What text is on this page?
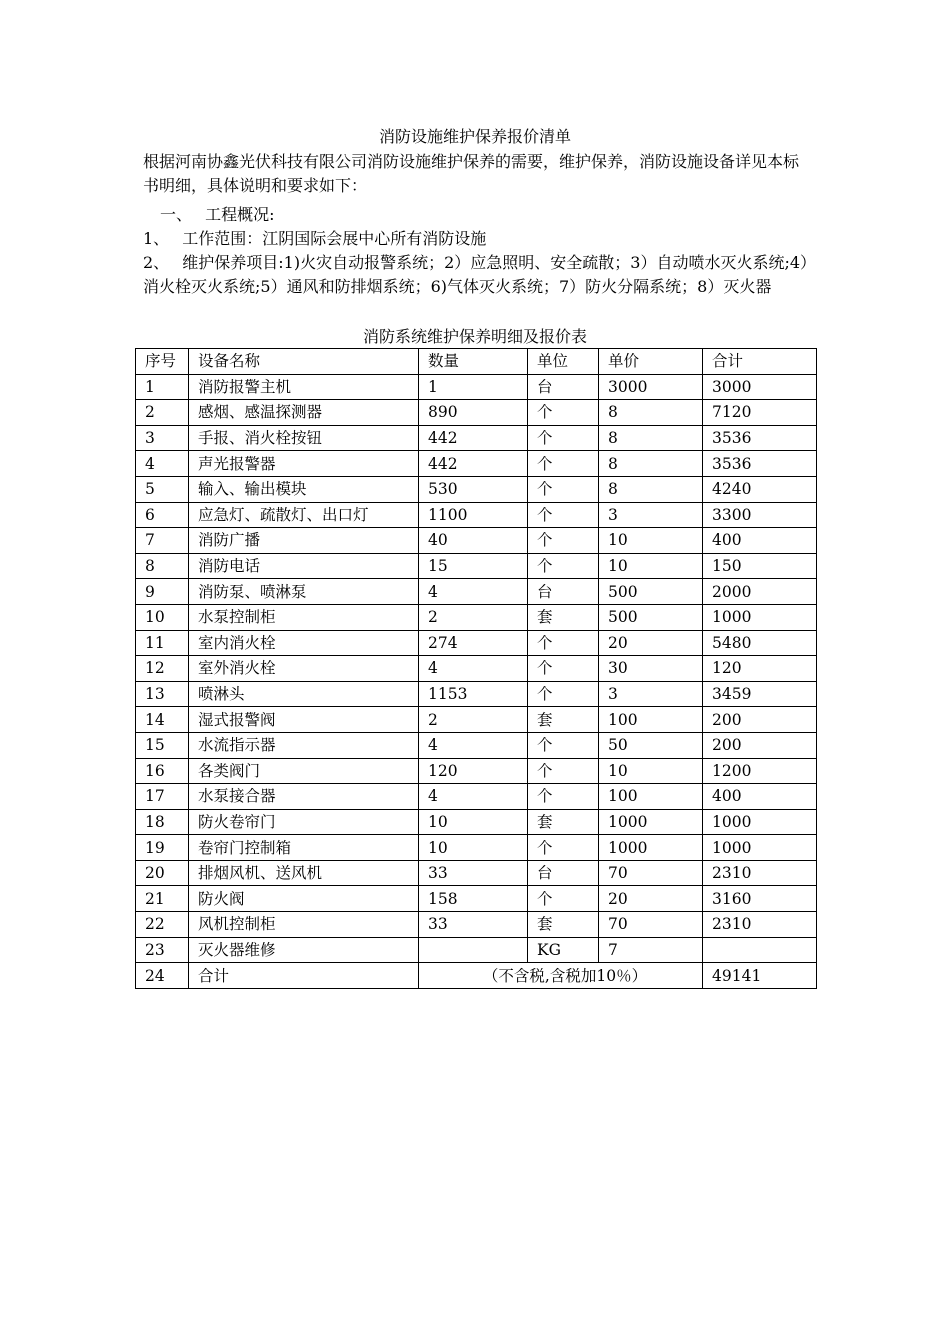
消防设施维护保养报价清单
根据河南协鑫光伏科技有限公司消防设施维护保养的需要，维护保养，消防设施设备详见本标书明细，具体说明和要求如下：
一、　 工程概况:
1、　 工作范围：江阴国际会展中心所有消防设施
2、　 维护保养项目:1)火灾自动报警系统；2）应急照明、安全疏散；3）自动喷水灭火系统;4）消火栓灭火系统;5）通风和防排烟系统；6)气体灭火系统；7）防火分隔系统；8）灭火器
消防系统维护保养明细及报价表
序号	设备名称	数量	单位	单价	合计
1	消防报警主机	1	台	3000	3000
2	感烟、感温探测器	890	个	8	7120
3	手报、消火栓按钮	442	个	8	3536
4	声光报警器	442	个	8	3536
5	输入、输出模块	530	个	8	4240
6	应急灯、疏散灯、出口灯	1100	个	3	3300
7	消防广播	40	个	10	400
8	消防电话	15	个	10	150
9	消防泵、喷淋泵	4	台	500	2000
10	水泵控制柜	2	套	500	1000
11	室内消火栓	274	个	20	5480
12	室外消火栓	4	个	30	120
13	喷淋头	1153	个	3	3459
14	湿式报警阀	2	套	100	200
15	水流指示器	4	个	50	200
16	各类阀门	120	个	10	1200
17	水泵接合器	4	个	100	400
18	防火卷帘门	10	套	1000	1000
19	卷帘门控制箱	10	个	1000	1000
20	排烟风机、送风机	33	台	70	2310
21	防火阀	158	个	20	3160
22	风机控制柜	33	套	70	2310
23	灭火器维修		KG	7	
24	合计	（不含税,含税加10％）			49141
